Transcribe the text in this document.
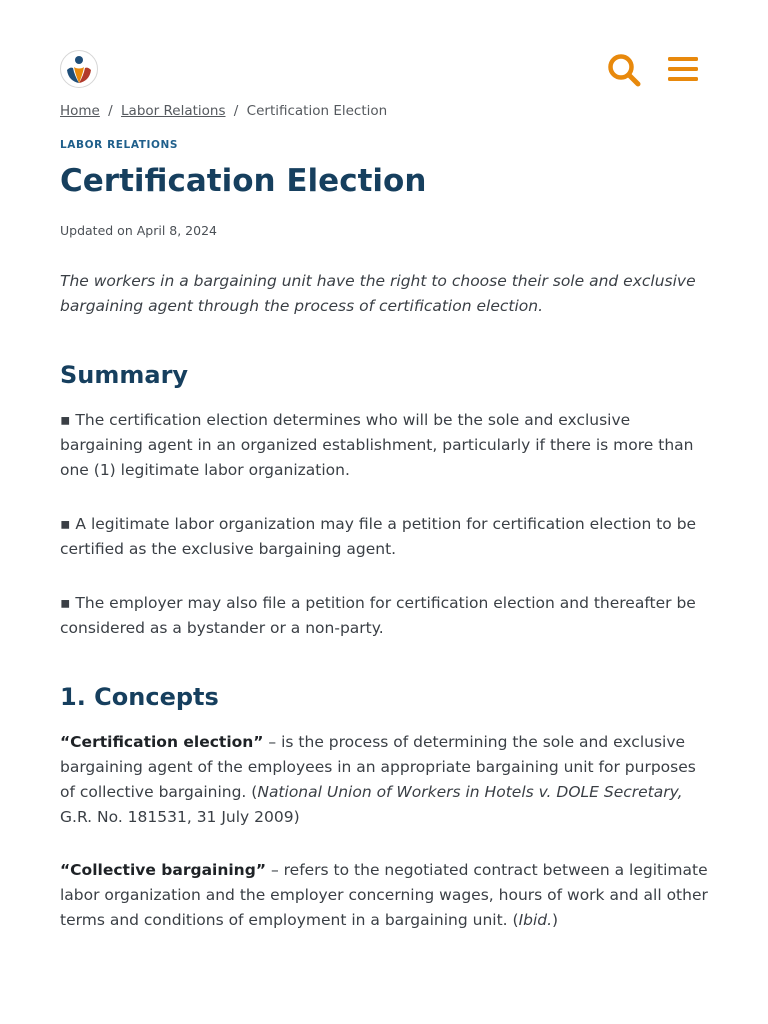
Home / Labor Relations / Certification Election
LABOR RELATIONS
Certification Election
Updated on April 8, 2024

The workers in a bargaining unit have the right to choose their sole and exclusive bargaining agent through the process of certification election.

Summary

▪ The certification election determines who will be the sole and exclusive bargaining agent in an organized establishment, particularly if there is more than one (1) legitimate labor organization.

▪ A legitimate labor organization may file a petition for certification election to be certified as the exclusive bargaining agent.

▪ The employer may also file a petition for certification election and thereafter be considered as a bystander or a non-party.

1. Concepts

“Certification election” – is the process of determining the sole and exclusive bargaining agent of the employees in an appropriate bargaining unit for purposes of collective bargaining. (National Union of Workers in Hotels v. DOLE Secretary, G.R. No. 181531, 31 July 2009)

“Collective bargaining” – refers to the negotiated contract between a legitimate labor organization and the employer concerning wages, hours of work and all other terms and conditions of employment in a bargaining unit. (Ibid.)
